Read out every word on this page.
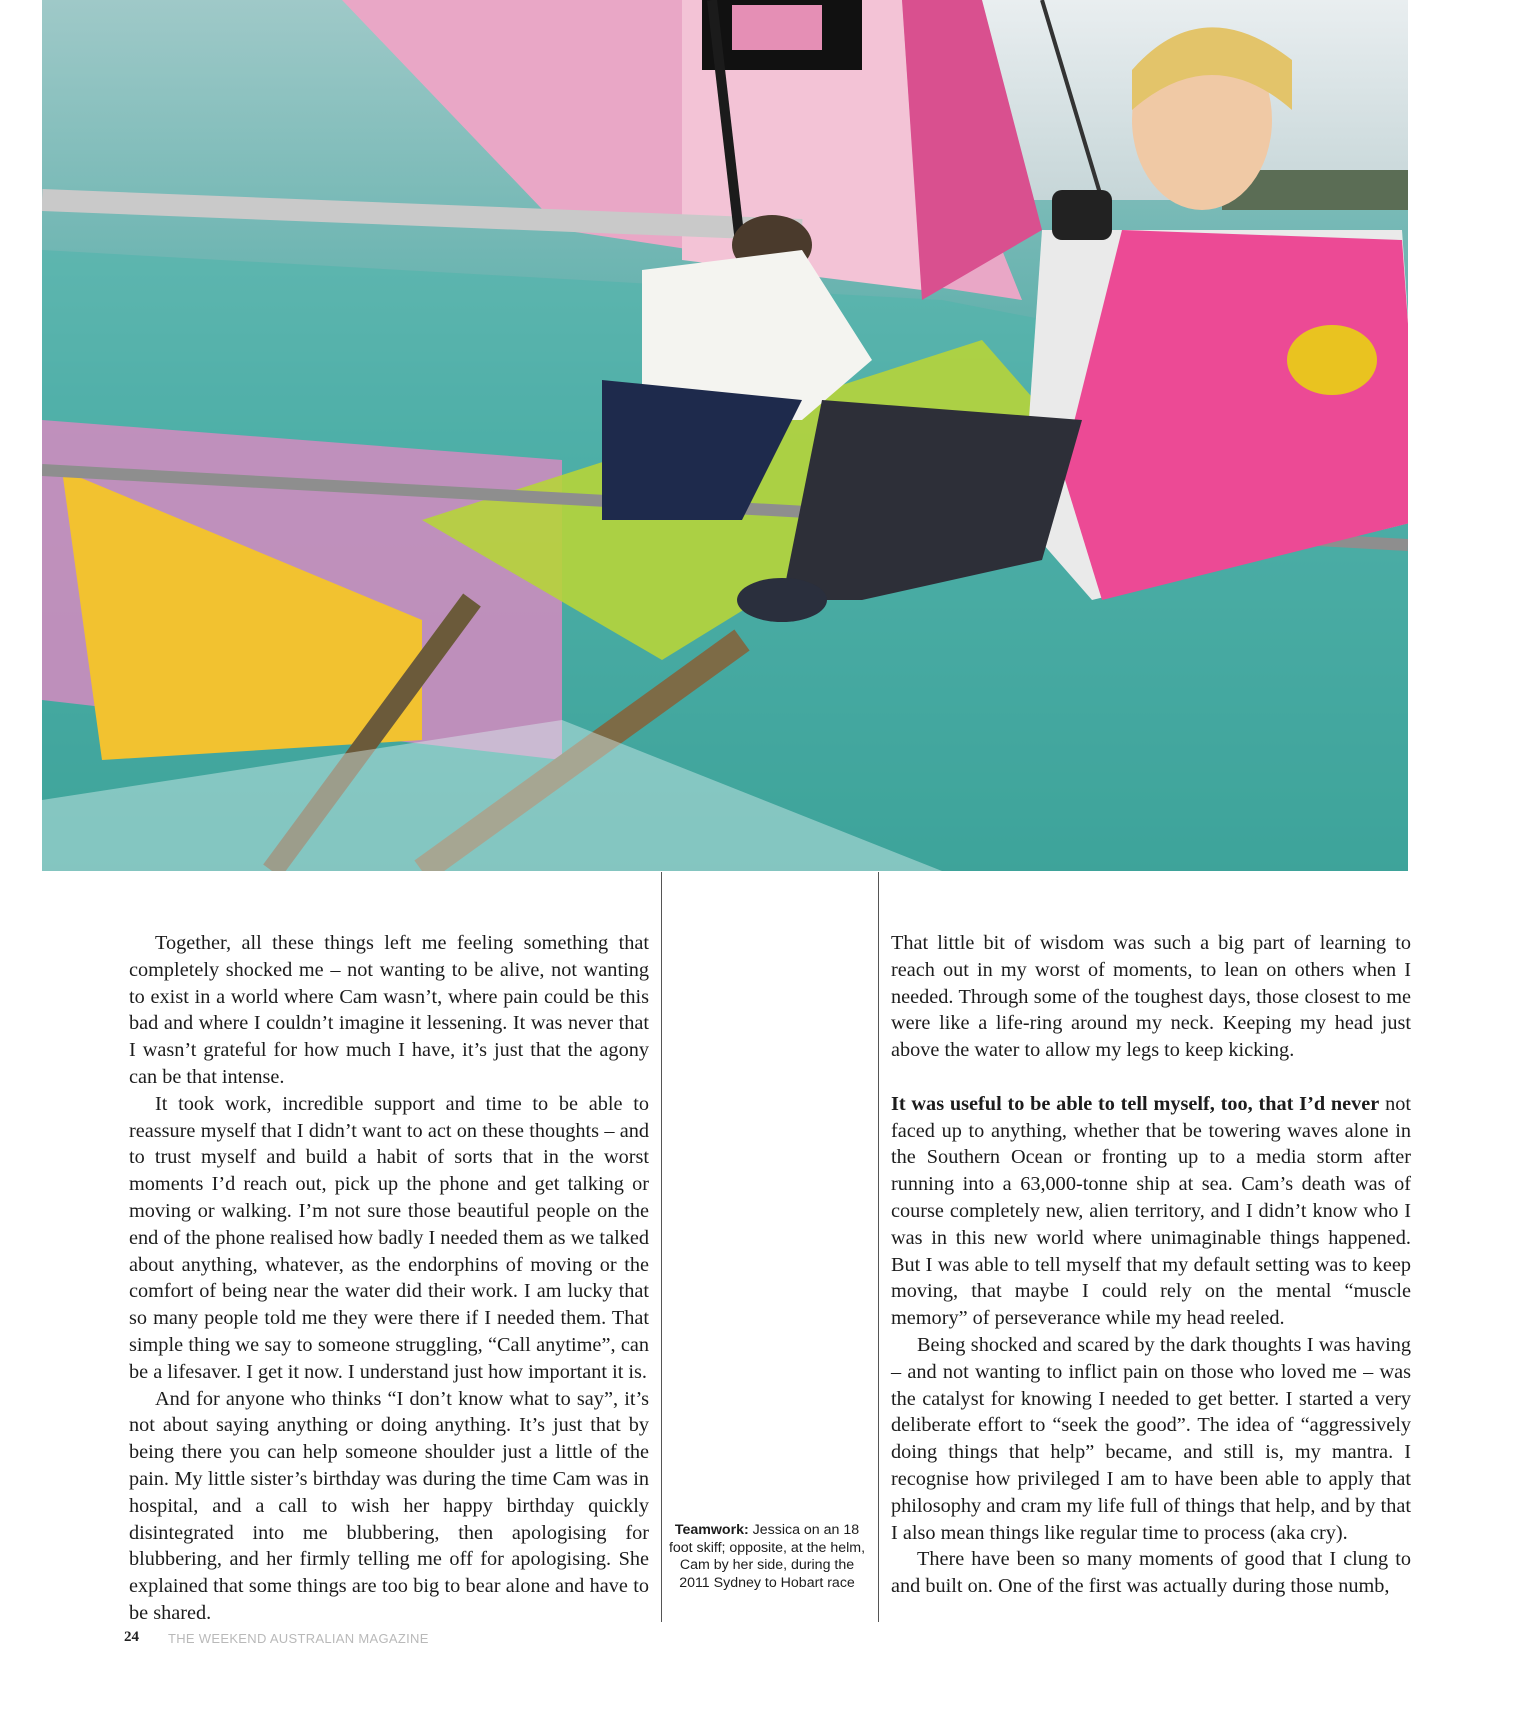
Together, all these things left me feeling something that completely shocked me – not wanting to be alive, not wanting to exist in a world where Cam wasn’t, where pain could be this bad and where I couldn’t imagine it lessening. It was never that I wasn’t grateful for how much I have, it’s just that the agony can be that intense.

It took work, incredible support and time to be able to reassure myself that I didn’t want to act on these thoughts – and to trust myself and build a habit of sorts that in the worst moments I’d reach out, pick up the phone and get talking or moving or walking. I’m not sure those beautiful people on the end of the phone realised how badly I needed them as we talked about anything, whatever, as the endorphins of moving or the comfort of being near the water did their work. I am lucky that so many people told me they were there if I needed them. That simple thing we say to someone struggling, “Call anytime”, can be a lifesaver. I get it now. I understand just how important it is.

And for anyone who thinks “I don’t know what to say”, it’s not about saying anything or doing anything. It’s just that by being there you can help someone shoulder just a little of the pain. My little sister’s birthday was during the time Cam was in hospital, and a call to wish her happy birthday quickly disintegrated into me blubbering, then apologising for blubbering, and her firmly telling me off for apologising. She explained that some things are too big to bear alone and have to be shared.

Teamwork: Jessica on an 18 foot skiff; opposite, at the helm, Cam by her side, during the 2011 Sydney to Hobart race

That little bit of wisdom was such a big part of learning to reach out in my worst of moments, to lean on others when I needed. Through some of the toughest days, those closest to me were like a life-ring around my neck. Keeping my head just above the water to allow my legs to keep kicking.

It was useful to be able to tell myself, too, that I’d never not faced up to anything, whether that be towering waves alone in the Southern Ocean or fronting up to a media storm after running into a 63,000-tonne ship at sea. Cam’s death was of course completely new, alien territory, and I didn’t know who I was in this new world where unimaginable things happened. But I was able to tell myself that my default setting was to keep moving, that maybe I could rely on the mental “muscle memory” of perseverance while my head reeled.

Being shocked and scared by the dark thoughts I was having – and not wanting to inflict pain on those who loved me – was the catalyst for knowing I needed to get better. I started a very deliberate effort to “seek the good”. The idea of “aggressively doing things that help” became, and still is, my mantra. I recognise how privileged I am to have been able to apply that philosophy and cram my life full of things that help, and by that I also mean things like regular time to process (aka cry).

There have been so many moments of good that I clung to and built on. One of the first was actually during those numb,

24 THE WEEKEND AUSTRALIAN MAGAZINE
